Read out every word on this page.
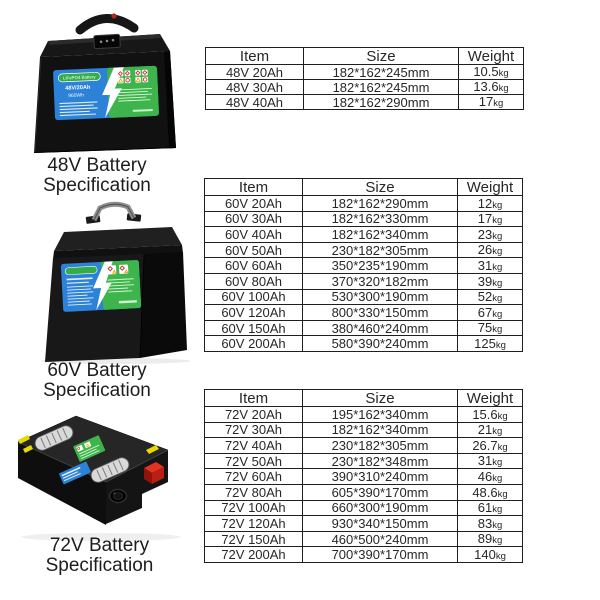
LiFePO4 Battery
48V/20Ah
960Wh
48V Battery
Specification
60V Battery
Specification
72V Battery
Specification
Item	Size	Weight
48V 20Ah	182*162*245mm	10.5kg
48V 30Ah	182*162*245mm	13.6kg
48V 40Ah	182*162*290mm	17kg
Item	Size	Weight
60V 20Ah	182*162*290mm	12kg
60V 30Ah	182*162*330mm	17kg
60V 40Ah	182*162*340mm	23kg
60V 50Ah	230*182*305mm	26kg
60V 60Ah	350*235*190mm	31kg
60V 80Ah	370*320*182mm	39kg
60V 100Ah	530*300*190mm	52kg
60V 120Ah	800*330*150mm	67kg
60V 150Ah	380*460*240mm	75kg
60V 200Ah	580*390*240mm	125kg
Item	Size	Weight
72V 20Ah	195*162*340mm	15.6kg
72V 30Ah	182*162*340mm	21kg
72V 40Ah	230*182*305mm	26.7kg
72V 50Ah	230*182*348mm	31kg
72V 60Ah	390*310*240mm	46kg
72V 80Ah	605*390*170mm	48.6kg
72V 100Ah	660*300*190mm	61kg
72V 120Ah	930*340*150mm	83kg
72V 150Ah	460*500*240mm	89kg
72V 200Ah	700*390*170mm	140kg
